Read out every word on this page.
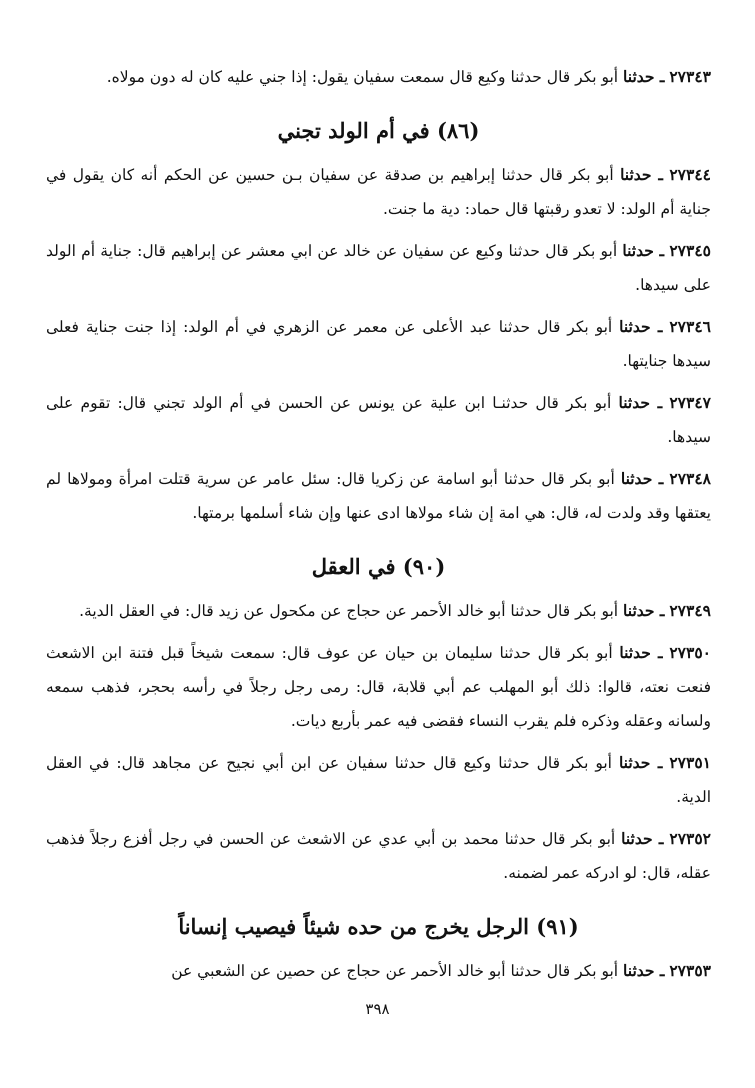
٢٧٣٤٣ ـ حدثنا أبو بكر قال حدثنا وكيع قال سمعت سفيان يقول: إذا جني عليه كان له دون مولاه.

(٨٦) في أم الولد تجني

٢٧٣٤٤ ـ حدثنا أبو بكر قال حدثنا إبراهيم بن صدقة عن سفيان بـن حسين عن الحكم أنه كان يقول في جناية أم الولد: لا تعدو رقبتها قال حماد: دية ما جنت.

٢٧٣٤٥ ـ حدثنا أبو بكر قال حدثنا وكيع عن سفيان عن خالد عن ابي معشر عن إبراهيم قال: جناية أم الولد على سيدها.

٢٧٣٤٦ ـ حدثنا أبو بكر قال حدثنا عبد الأعلى عن معمر عن الزهري في أم الولد: إذا جنت جناية فعلى سيدها جنايتها.

٢٧٣٤٧ ـ حدثنا أبو بكر قال حدثنـا ابن علية عن يونس عن الحسن في أم الولد تجني قال: تقوم على سيدها.

٢٧٣٤٨ ـ حدثنا أبو بكر قال حدثنا أبو اسامة عن زكريا قال: سئل عامر عن سرية قتلت امرأة ومولاها لم يعتقها وقد ولدت له، قال: هي امة إن شاء مولاها ادى عنها وإن شاء أسلمها برمتها.

(٩٠) في العقل

٢٧٣٤٩ ـ حدثنا أبو بكر قال حدثنا أبو خالد الأحمر عن حجاج عن مكحول عن زيد قال: في العقل الدية.

٢٧٣٥٠ ـ حدثنا أبو بكر قال حدثنا سليمان بن حيان عن عوف قال: سمعت شيخاً قبل فتنة ابن الاشعث فنعت نعته، قالوا: ذلك أبو المهلب عم أبي قلابة، قال: رمى رجل رجلاً في رأسه بحجر، فذهب سمعه ولسانه وعقله وذكره فلم يقرب النساء فقضى فيه عمر بأربع ديات.

٢٧٣٥١ ـ حدثنا أبو بكر قال حدثنا وكيع قال حدثنا سفيان عن ابن أبي نجيح عن مجاهد قال: في العقل الدية.

٢٧٣٥٢ ـ حدثنا أبو بكر قال حدثنا محمد بن أبي عدي عن الاشعث عن الحسن في رجل أفزع رجلاً فذهب عقله، قال: لو ادركه عمر لضمنه.

(٩١) الرجل يخرج من حده شيئاً فيصيب إنساناً

٢٧٣٥٣ ـ حدثنا أبو بكر قال حدثنا أبو خالد الأحمر عن حجاج عن حصين عن الشعبي عن

٣٩٨
